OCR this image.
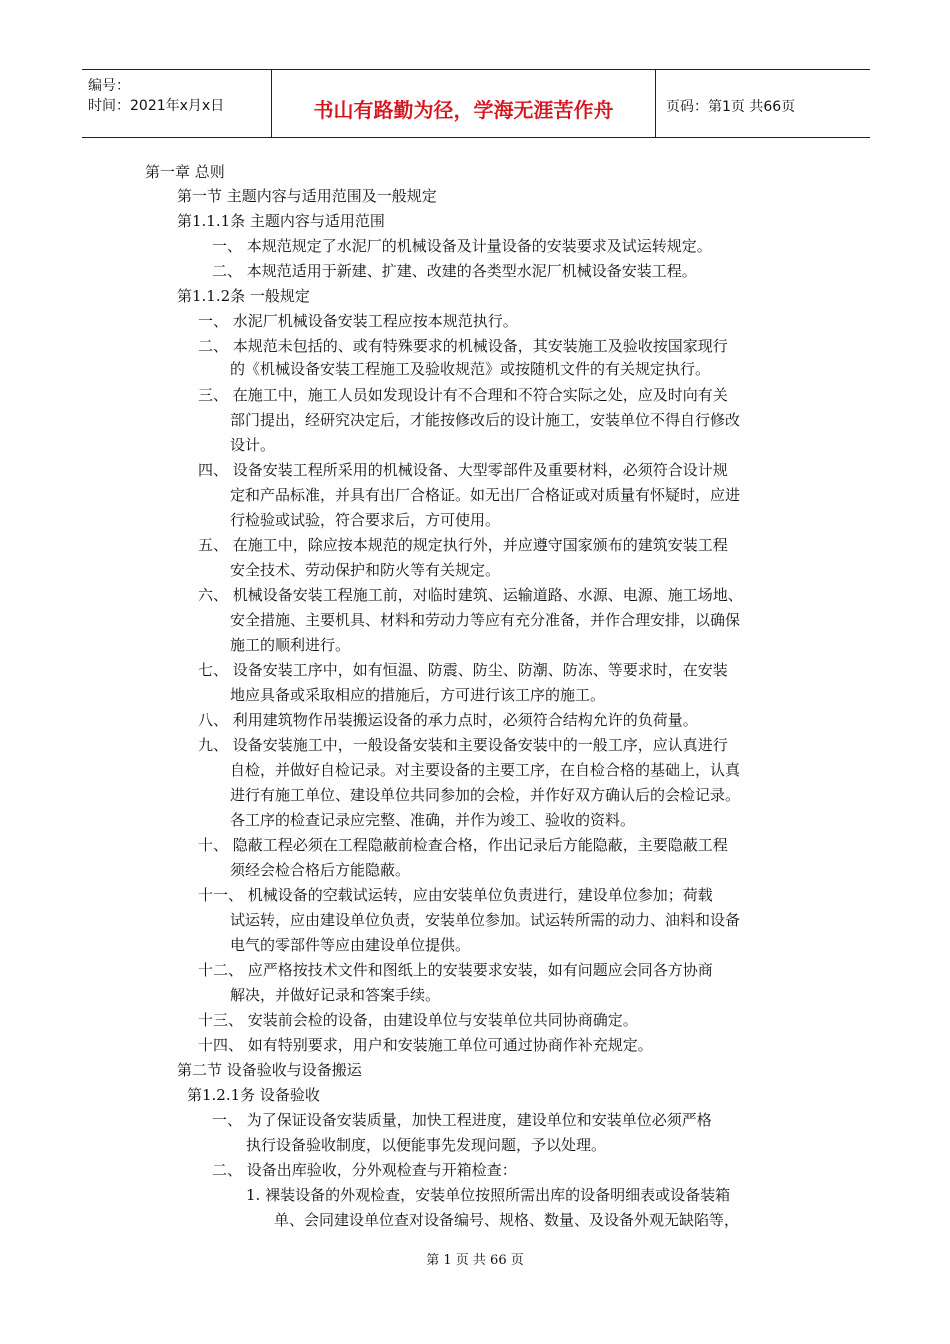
编号：
时间：2021年x月x日	书山有路勤为径，学海无涯苦作舟	页码：第1页 共66页
第一章 总则
第一节 主题内容与适用范围及一般规定
第1.1.1条 主题内容与适用范围
一、 本规范规定了水泥厂的机械设备及计量设备的安装要求及试运转规定。
二、 本规范适用于新建、扩建、改建的各类型水泥厂机械设备安装工程。
第1.1.2条 一般规定
一、 水泥厂机械设备安装工程应按本规范执行。
二、 本规范未包括的、或有特殊要求的机械设备，其安装施工及验收按国家现行
的《机械设备安装工程施工及验收规范》或按随机文件的有关规定执行。
三、 在施工中，施工人员如发现设计有不合理和不符合实际之处，应及时向有关
部门提出，经研究决定后，才能按修改后的设计施工，安装单位不得自行修改
设计。
四、 设备安装工程所采用的机械设备、大型零部件及重要材料，必须符合设计规
定和产品标准，并具有出厂合格证。如无出厂合格证或对质量有怀疑时，应进
行检验或试验，符合要求后，方可使用。
五、 在施工中，除应按本规范的规定执行外，并应遵守国家颁布的建筑安装工程
安全技术、劳动保护和防火等有关规定。
六、 机械设备安装工程施工前，对临时建筑、运输道路、水源、电源、施工场地、
安全措施、主要机具、材料和劳动力等应有充分准备，并作合理安排，以确保
施工的顺利进行。
七、 设备安装工序中，如有恒温、防震、防尘、防潮、防冻、等要求时，在安装
地应具备或采取相应的措施后，方可进行该工序的施工。
八、 利用建筑物作吊装搬运设备的承力点时，必须符合结构允许的负荷量。
九、 设备安装施工中，一般设备安装和主要设备安装中的一般工序，应认真进行
自检，并做好自检记录。对主要设备的主要工序，在自检合格的基础上，认真
进行有施工单位、建设单位共同参加的会检，并作好双方确认后的会检记录。
各工序的检查记录应完整、准确，并作为竣工、验收的资料。
十、 隐蔽工程必须在工程隐蔽前检查合格，作出记录后方能隐蔽，主要隐蔽工程
须经会检合格后方能隐蔽。
十一、 机械设备的空载试运转，应由安装单位负责进行，建设单位参加；荷载
试运转，应由建设单位负责，安装单位参加。试运转所需的动力、油料和设备
电气的零部件等应由建设单位提供。
十二、 应严格按技术文件和图纸上的安装要求安装，如有问题应会同各方协商
解决，并做好记录和答案手续。
十三、 安装前会检的设备，由建设单位与安装单位共同协商确定。
十四、 如有特别要求，用户和安装施工单位可通过协商作补充规定。
第二节 设备验收与设备搬运
第1.2.1务 设备验收
一、 为了保证设备安装质量，加快工程进度，建设单位和安装单位必须严格
执行设备验收制度，以便能事先发现问题，予以处理。
二、 设备出库验收，分外观检查与开箱检查：
1. 裸装设备的外观检查，安装单位按照所需出库的设备明细表或设备装箱
单、会同建设单位查对设备编号、规格、数量、及设备外观无缺陷等，
第 1 页 共 66 页
